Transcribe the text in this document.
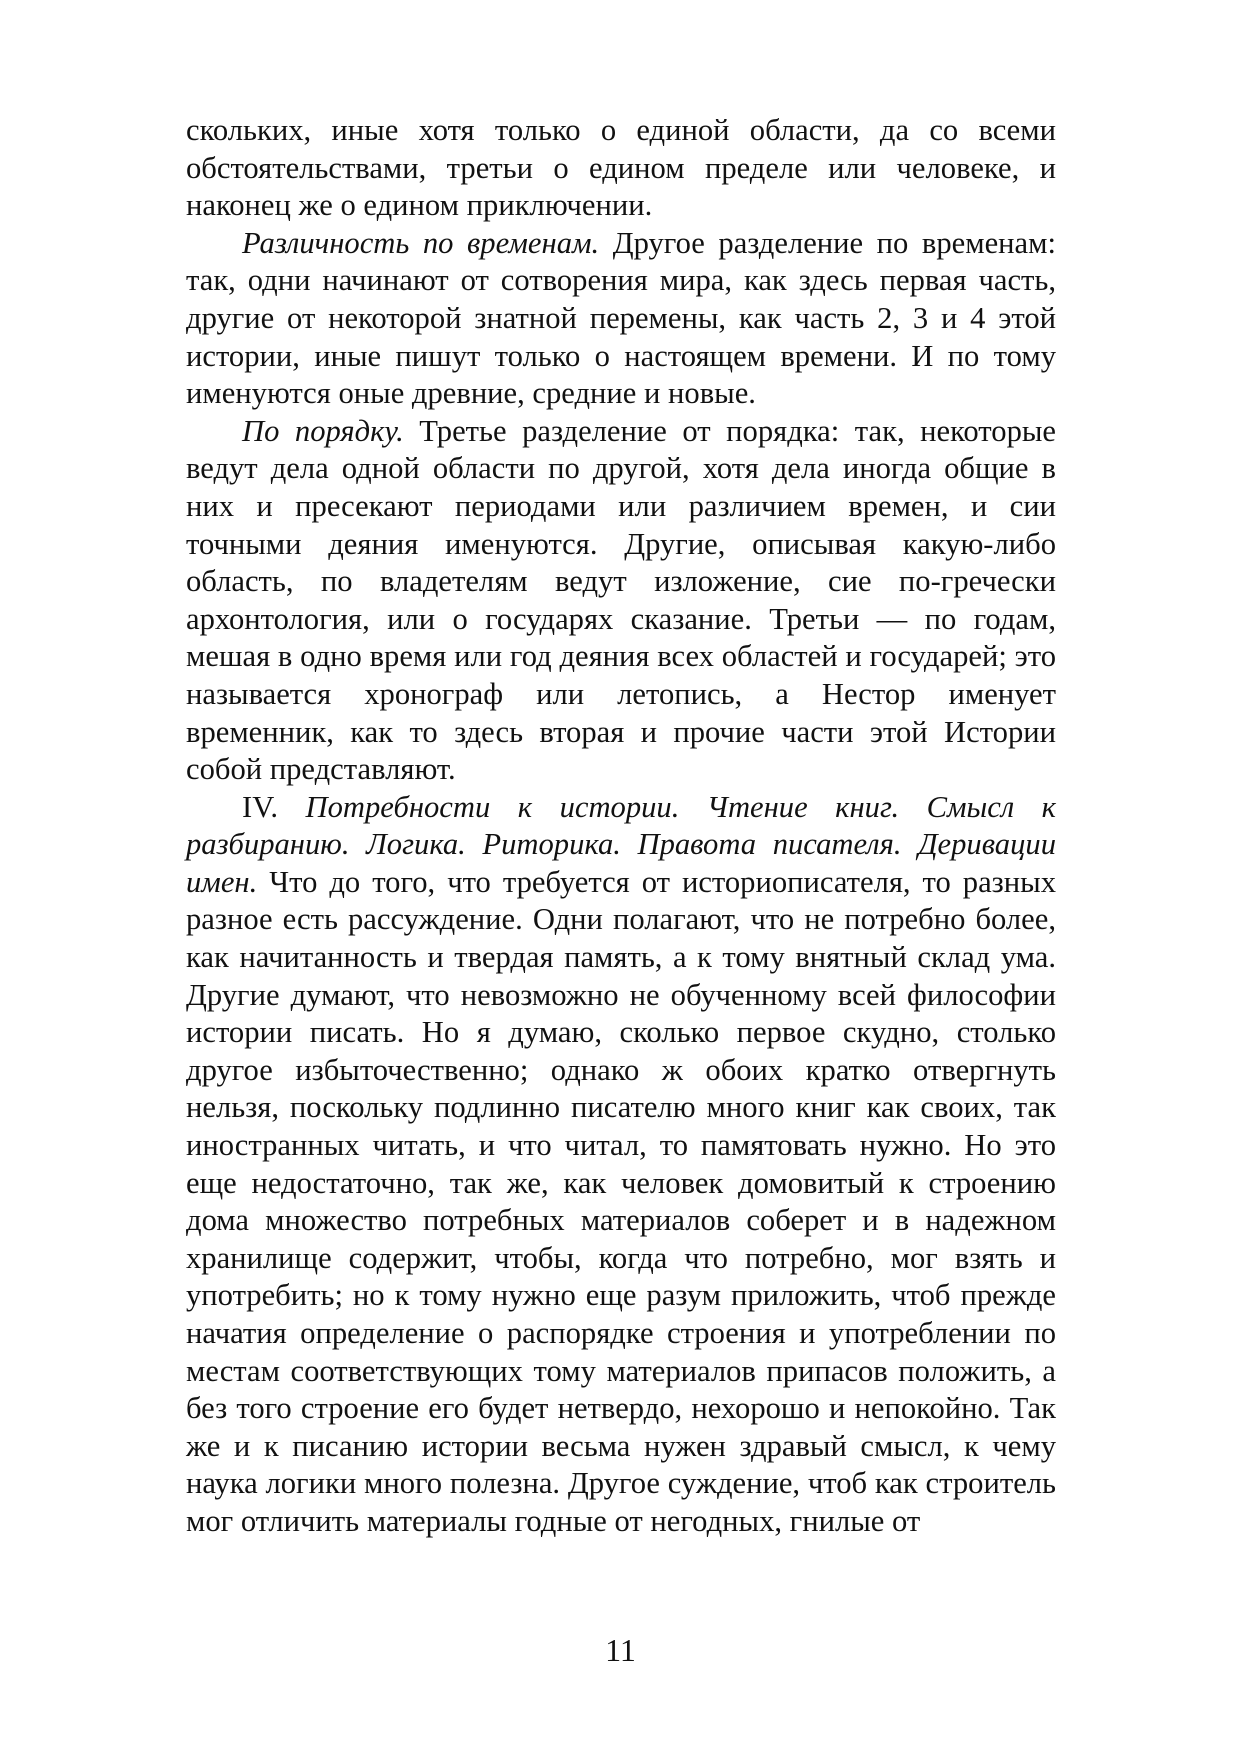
скольких, иные хотя только о единой области, да со всеми обстоятельствами, третьи о едином пределе или человеке, и наконец же о едином приключении.

Различность по временам. Другое разделение по временам: так, одни начинают от сотворения мира, как здесь первая часть, другие от некоторой знатной перемены, как часть 2, 3 и 4 этой истории, иные пишут только о настоящем времени. И по тому именуются оные древние, средние и новые.

По порядку. Третье разделение от порядка: так, некоторые ведут дела одной области по другой, хотя дела иногда общие в них и пресекают периодами или различием времен, и сии точными деяния именуются. Другие, описывая какую-либо область, по владетелям ведут изложение, сие по-гречески архонтология, или о государях сказание. Третьи — по годам, мешая в одно время или год деяния всех областей и государей; это называется хронограф или летопись, а Нестор именует временник, как то здесь вторая и прочие части этой Истории собой представляют.

IV. Потребности к истории. Чтение книг. Смысл к разбиранию. Логика. Риторика. Правота писателя. Деривации имен. Что до того, что требуется от историописателя, то разных разное есть рассуждение. Одни полагают, что не потребно более, как начитанность и твердая память, а к тому внятный склад ума. Другие думают, что невозможно не обученному всей философии истории писать. Но я думаю, сколько первое скудно, столько другое избыточественно; однако ж обоих кратко отвергнуть нельзя, поскольку подлинно писателю много книг как своих, так иностранных читать, и что читал, то памятовать нужно. Но это еще недостаточно, так же, как человек домовитый к строению дома множество потребных материалов соберет и в надежном хранилище содержит, чтобы, когда что потребно, мог взять и употребить; но к тому нужно еще разум приложить, чтоб прежде начатия определение о распорядке строения и употреблении по местам соответствующих тому материалов припасов положить, а без того строение его будет нетвердо, нехорошо и непокойно. Так же и к писанию истории весьма нужен здравый смысл, к чему наука логики много полезна. Другое суждение, чтоб как строитель мог отличить материалы годные от негодных, гнилые от

11
